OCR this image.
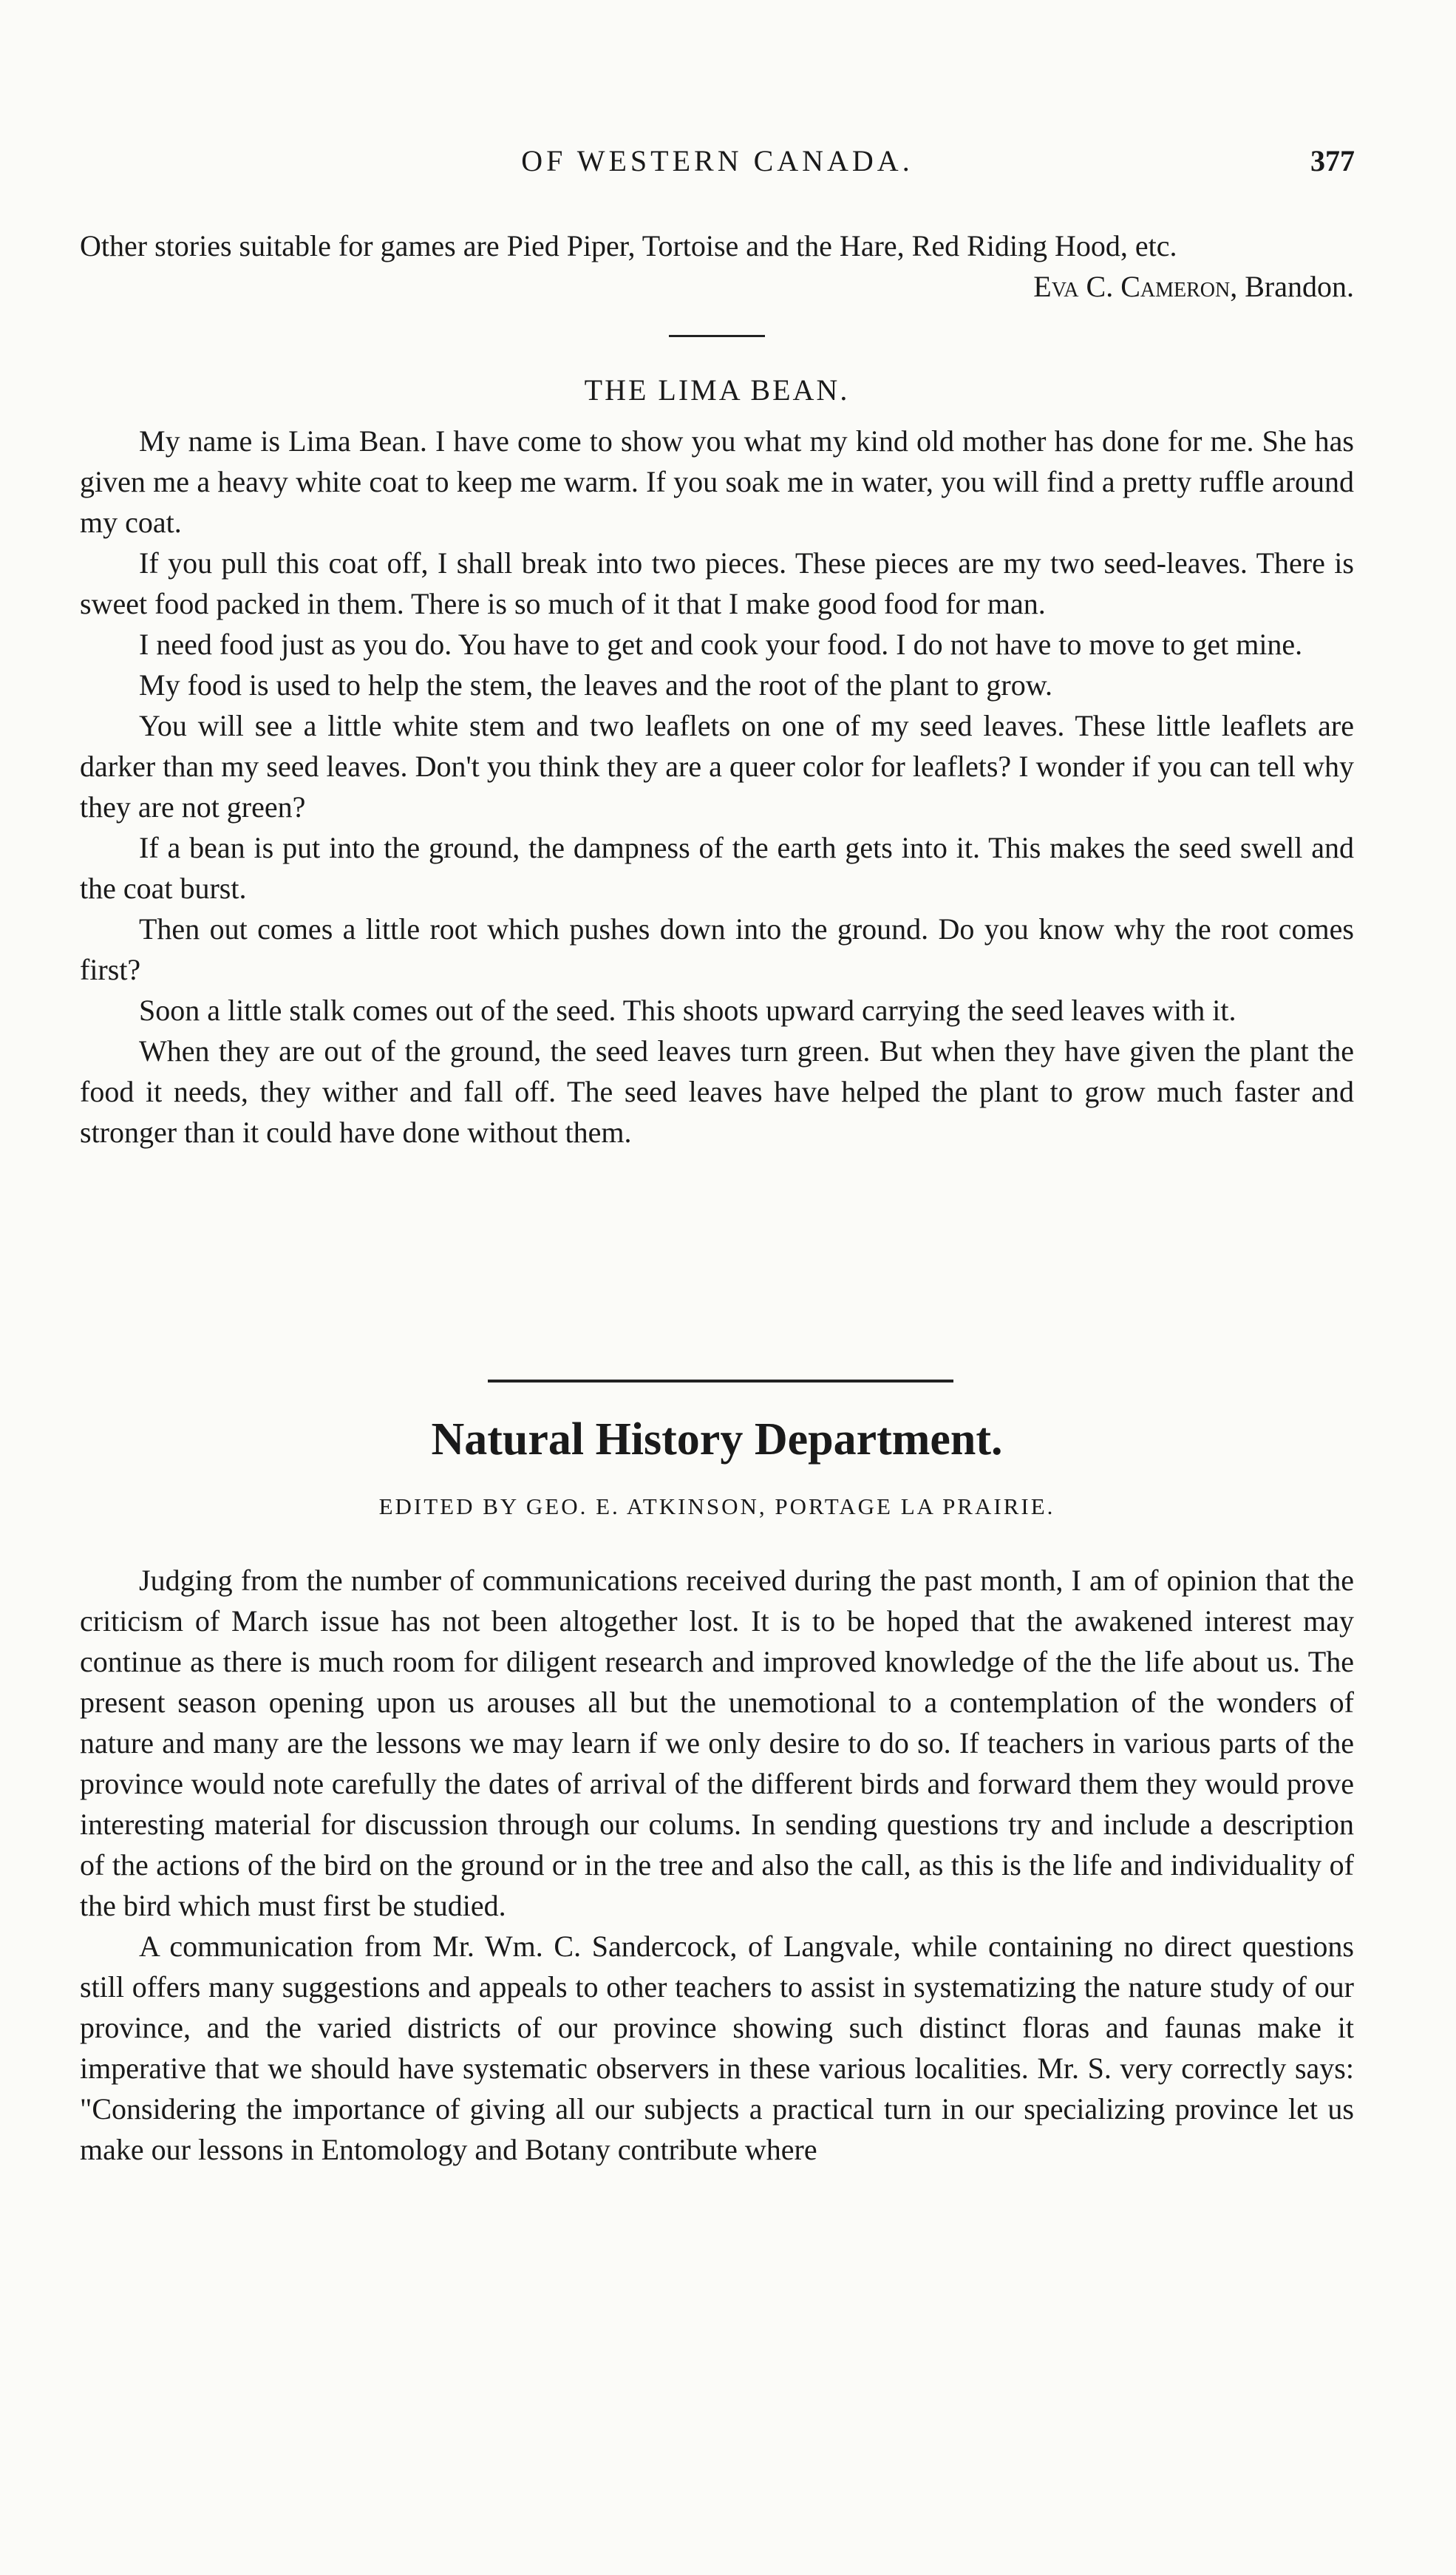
OF WESTERN CANADA.	377

Other stories suitable for games are Pied Piper, Tortoise and the Hare, Red Riding Hood, etc.

Eva C. Cameron, Brandon.
THE LIMA BEAN.

My name is Lima Bean. I have come to show you what my kind old mother has done for me. She has given me a heavy white coat to keep me warm. If you soak me in water, you will find a pretty ruffle around my coat.

If you pull this coat off, I shall break into two pieces. These pieces are my two seed-leaves. There is sweet food packed in them. There is so much of it that I make good food for man.

I need food just as you do. You have to get and cook your food. I do not have to move to get mine.

My food is used to help the stem, the leaves and the root of the plant to grow.

You will see a little white stem and two leaflets on one of my seed leaves. These little leaflets are darker than my seed leaves. Don't you think they are a queer color for leaflets? I wonder if you can tell why they are not green?

If a bean is put into the ground, the dampness of the earth gets into it. This makes the seed swell and the coat burst.

Then out comes a little root which pushes down into the ground. Do you know why the root comes first?

Soon a little stalk comes out of the seed. This shoots upward carrying the seed leaves with it.

When they are out of the ground, the seed leaves turn green. But when they have given the plant the food it needs, they wither and fall off. The seed leaves have helped the plant to grow much faster and stronger than it could have done without them.

Natural History Department.
EDITED BY GEO. E. ATKINSON, PORTAGE LA PRAIRIE.

Judging from the number of communications received during the past month, I am of opinion that the criticism of March issue has not been altogether lost. It is to be hoped that the awakened interest may continue as there is much room for diligent research and improved knowledge of the the life about us. The present season opening upon us arouses all but the unemotional to a contemplation of the wonders of nature and many are the lessons we may learn if we only desire to do so. If teachers in various parts of the province would note carefully the dates of arrival of the different birds and forward them they would prove interesting material for discussion through our colums. In sending questions try and include a description of the actions of the bird on the ground or in the tree and also the call, as this is the life and individuality of the bird which must first be studied.

A communication from Mr. Wm. C. Sandercock, of Langvale, while containing no direct questions still offers many suggestions and appeals to other teachers to assist in systematizing the nature study of our province, and the varied districts of our province showing such distinct floras and faunas make it imperative that we should have systematic observers in these various localities. Mr. S. very correctly says: "Considering the importance of giving all our subjects a practical turn in our specializing province let us make our lessons in Entomology and Botany contribute where
